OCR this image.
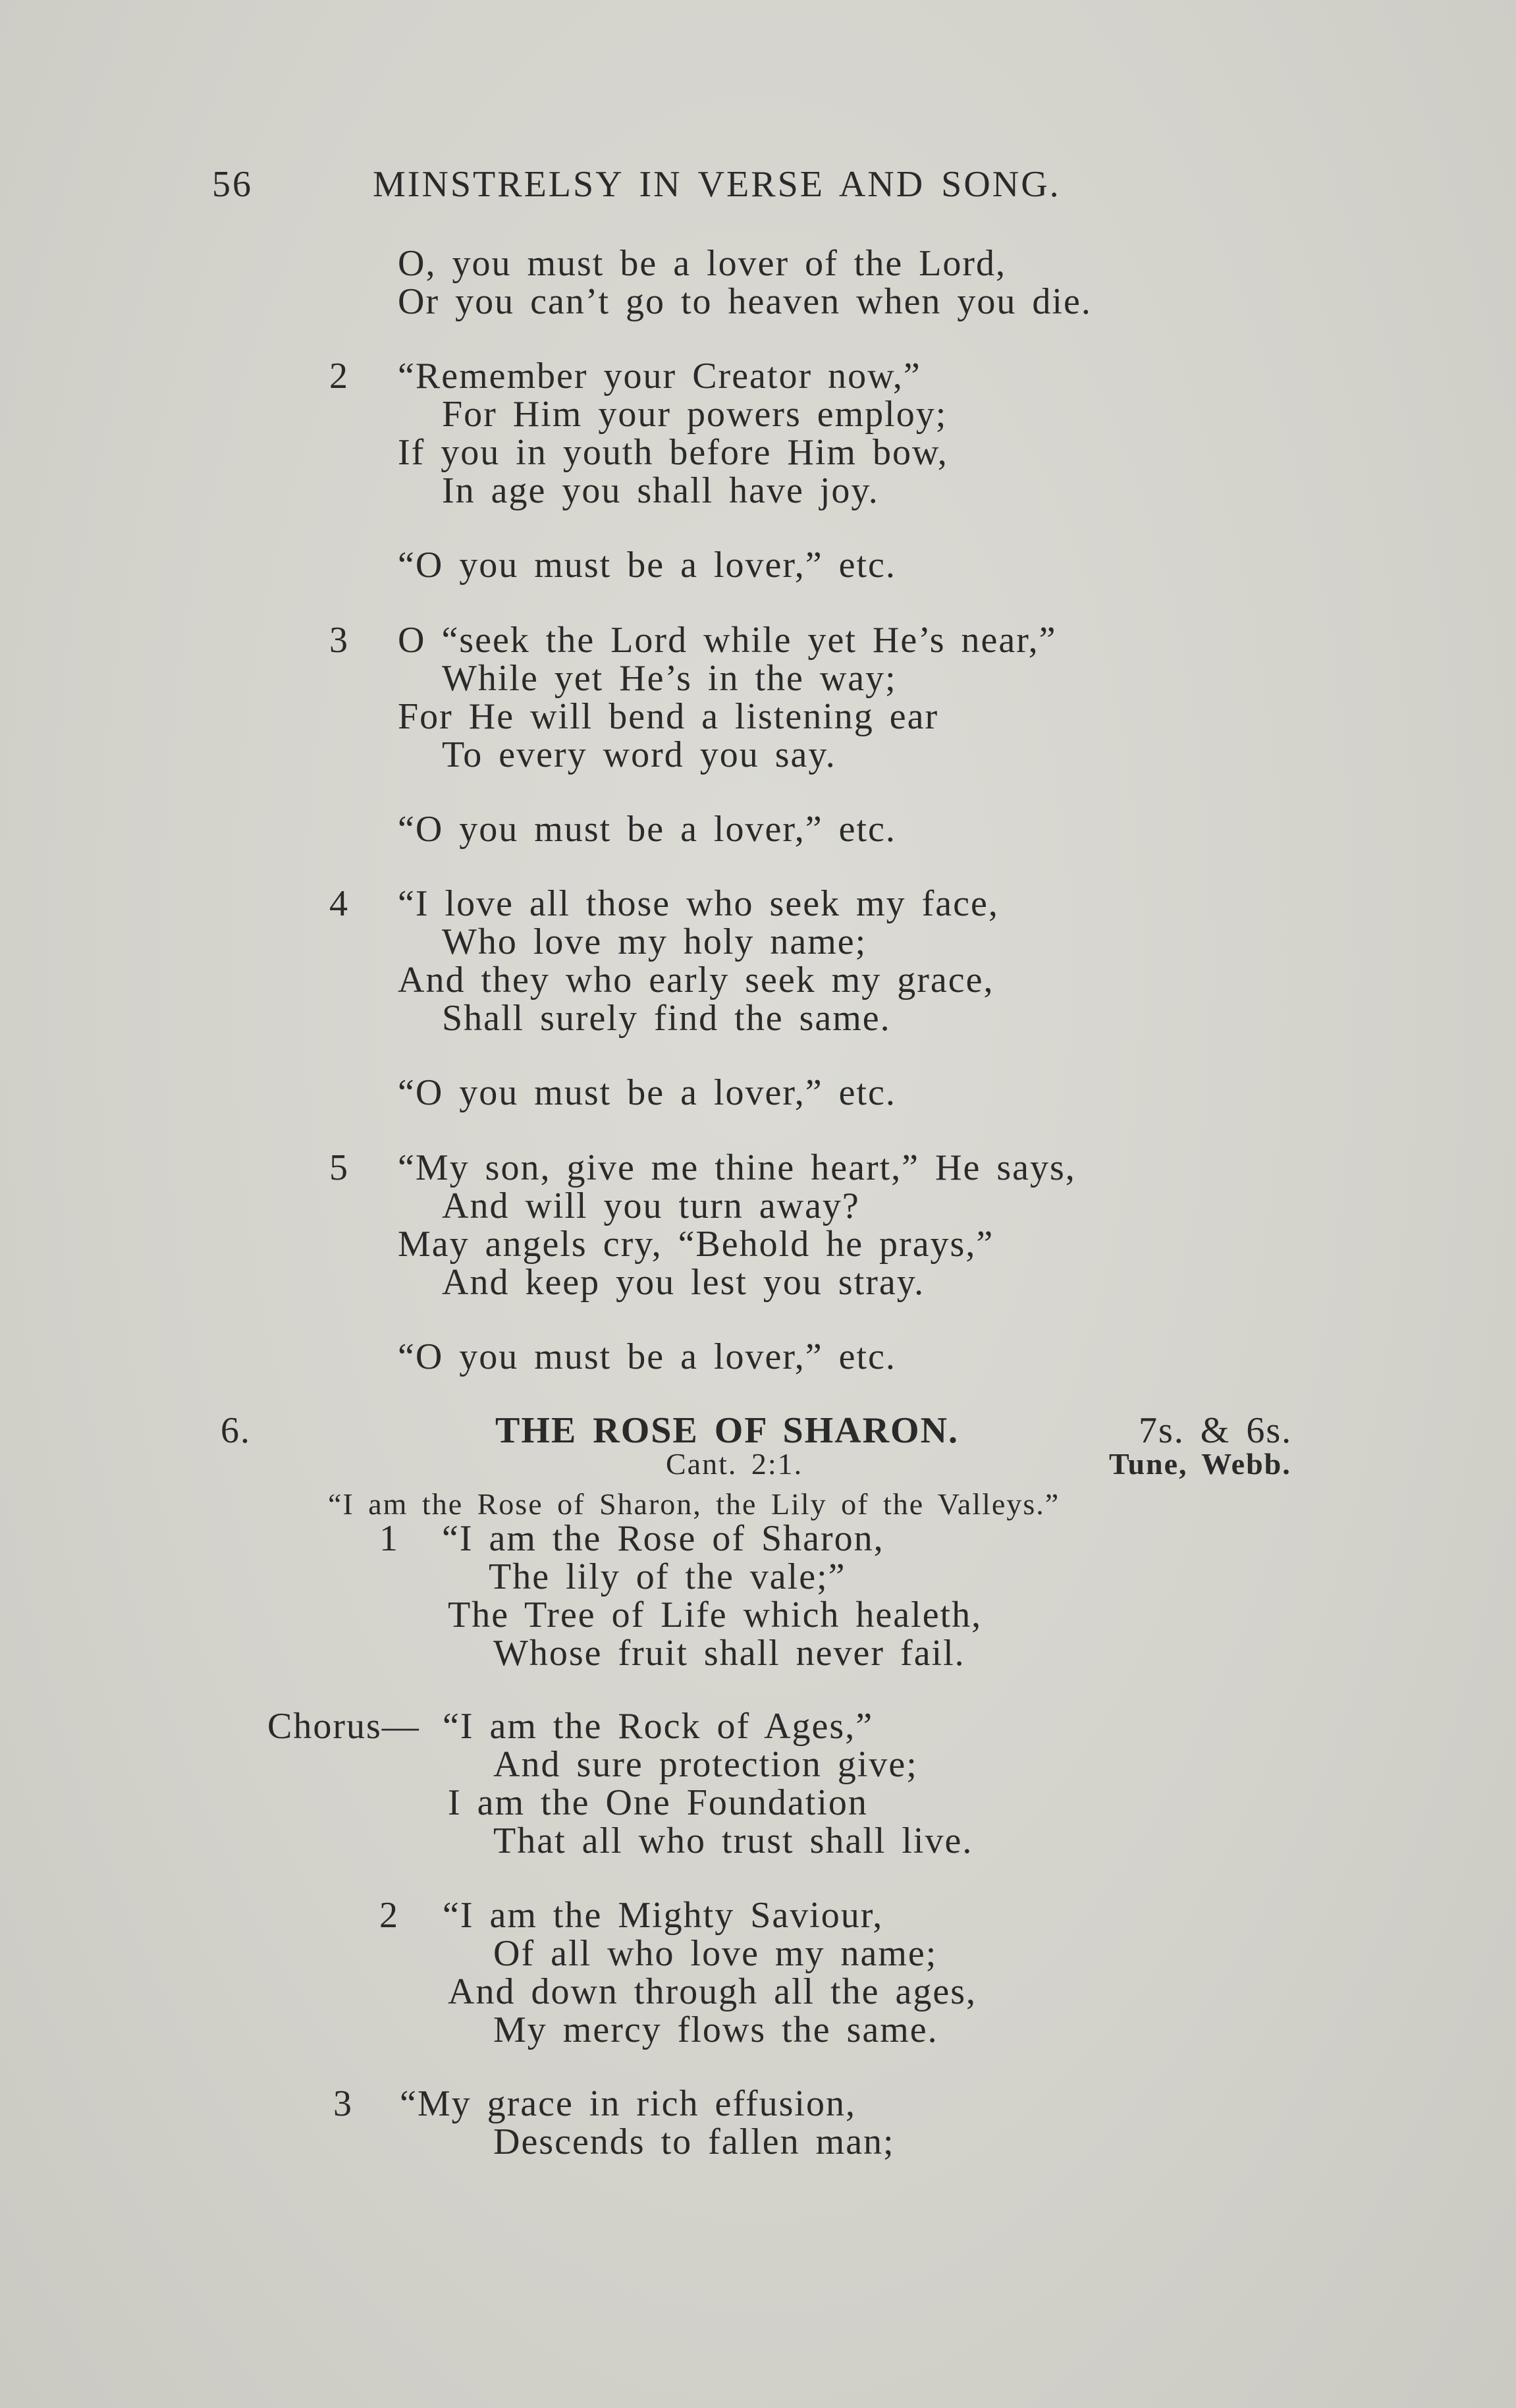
56	MINSTRELSY IN VERSE AND SONG.
O, you must be a lover of the Lord,
Or you can’t go to heaven when you die.
2 “Remember your Creator now,”
For Him your powers employ;
If you in youth before Him bow,
In age you shall have joy.
“O you must be a lover,” etc.
3 O “seek the Lord while yet He’s near,”
While yet He’s in the way;
For He will bend a listening ear
To every word you say.
“O you must be a lover,” etc.
4 “I love all those who seek my face,
Who love my holy name;
And they who early seek my grace,
Shall surely find the same.
“O you must be a lover,” etc.
5 “My son, give me thine heart,” He says,
And will you turn away?
May angels cry, “Behold he prays,”
And keep you lest you stray.
“O you must be a lover,” etc.
6.	THE ROSE OF SHARON.	7s. & 6s.
Cant. 2:1.	Tune, Webb.
“I am the Rose of Sharon, the Lily of the Valleys.”
1 “I am the Rose of Sharon,
The lily of the vale;”
The Tree of Life which healeth,
Whose fruit shall never fail.
Chorus— “I am the Rock of Ages,”
And sure protection give;
I am the One Foundation
That all who trust shall live.
2 “I am the Mighty Saviour,
Of all who love my name;
And down through all the ages,
My mercy flows the same.
3 “My grace in rich effusion,
Descends to fallen man;
